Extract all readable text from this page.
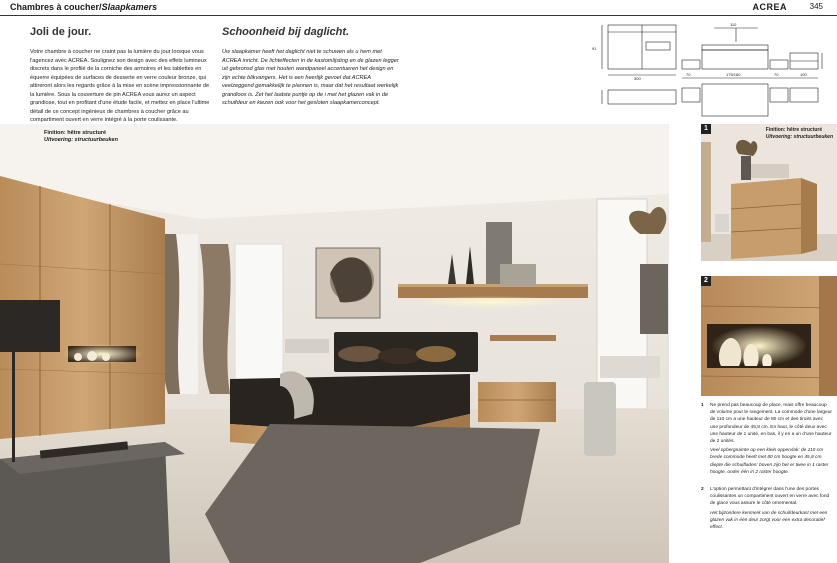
Chambres à coucher/Slaapkamers	ACREA	345
Joli de jour.

Votre chambre à coucher ne craint pas la lumière du jour lorsque vous l'agencez avec ACREA. Soulignez son design avec des effets lumineux discrets dans le profilé de la corniche des armoires et les tablettes en équerre équipées de surfaces de desserte en verre couleur bronze, qui attireront alors les regards grâce à la mise en scène impressionnante de la lumière. Sous la couverture de pin ACREA vous aurez un aspect grandiose, tout en profitant d'une étude facile, et mettez en place l'ultime détail de ce concept ingénieux de chambres à coucher grâce au compartiment ouvert en verre intégré à la porte coulissante.

Schoonheid bij daglicht.

Uw slaapkamer heeft het daglicht niet te schuwen als u hem met ACREA inricht. De lichteffecten in de kastomlijsting en de glazen legger uit gebronsd glas met houten wandpaneel accentueren het design en zijn echte blikvangers. Het is een heerlijk gevoel dat ACREA veelzeggend gemakkelijk te plannen is, maar dat het resultaat werkelijk grandioos is. Zet het laatste puntje op de i met het glazen vak in de schuifdeur en kiezen ook voor het gesloten slaapkamerconcept.

300
110
70	175/180	70	100
91
Finition: hêtre structuré
Uitvoering: structuurbeuken
1	Finition: hêtre structuré
Uitvoering: structuurbeuken
2
1	Ne prend pas beaucoup de place, mais offre beaucoup de volume pour le rangement. La commode d'une largeur de 110 cm a une hauteur de 80 cm et des tiroirs avec une profondeur de 45,8 cm. En haut, le côté deux avec une hauteur de 1 unité, en bas, il y en a un d'une hauteur de 2 unités.
Veel opbergruimte op een klein oppervlak: de 110 cm brede commode heeft met 80 cm hoogte en 45,8 cm diepte die schuifladen: boven zijn het er twee in 1 raster hoogte, onder één in 2 raster hoogte.
2	L'option permettant d'intégrer dans l'une des portes coulissantes un compartiment ouvert en verre avec fond de glace vous assure le côté ornemental.
Het bijzondere kenmerk van de schuifdeurkast met een glazen vak in één deur zorgt voor een extra decoratief effect.
